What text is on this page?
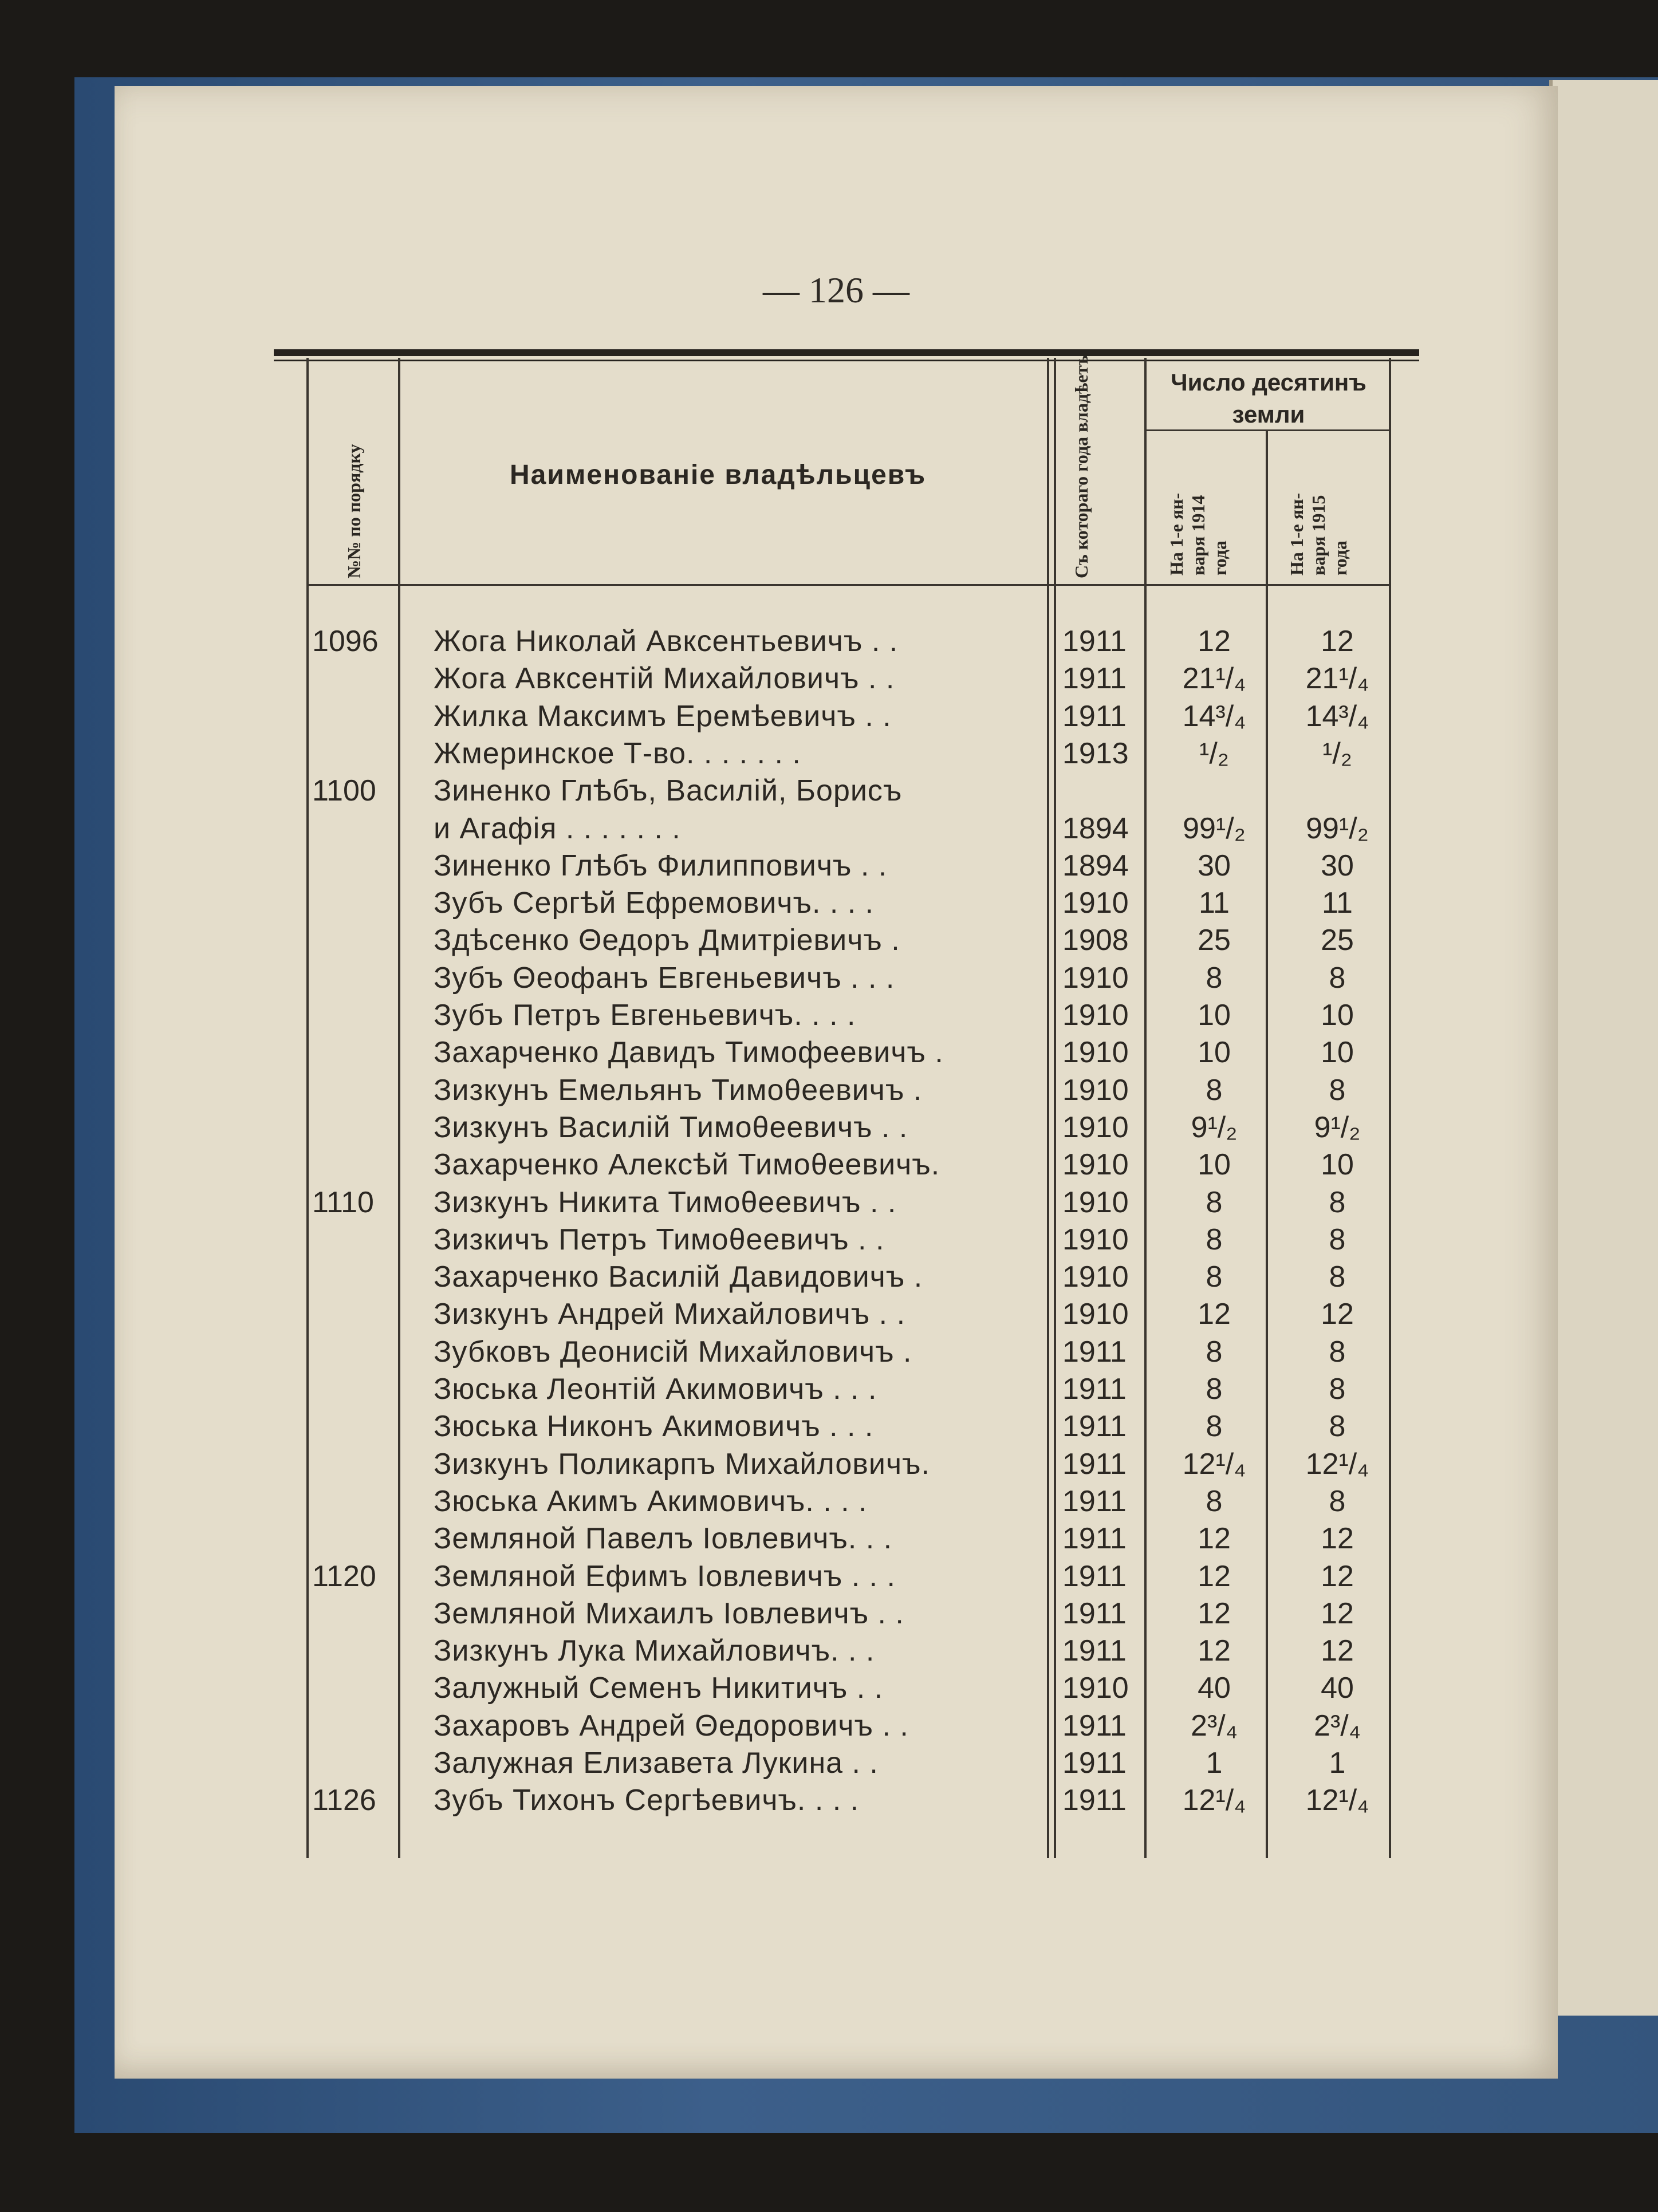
— 126 —
№№ по порядку	Наименованіе владѣльцевъ	Съ котораго года владѣетъ	Число десятинъ
земли
На 1-е ян- варя 1914 года	На 1-е ян- варя 1915 года
1096	Жога Николай Авксентьевичъ . .	1911	12	12
Жога Авксентій Михайловичъ . .	1911	21¹/₄	21¹/₄
Жилка Максимъ Еремѣевичъ . .	1911	14³/₄	14³/₄
Жмеринское Т-во. . . . . . .	1913	¹/₂	¹/₂
1100	Зиненко Глѣбъ, Василій, Борисъ
и Агафія . . . . . . .	1894	99¹/₂	99¹/₂
Зиненко Глѣбъ Филипповичъ . .	1894	30	30
Зубъ Сергѣй Ефремовичъ. . . .	1910	11	11
Здѣсенко Θедоръ Дмитріевичъ .	1908	25	25
Зубъ Θеофанъ Евгеньевичъ . . .	1910	8	8
Зубъ Петръ Евгеньевичъ. . . .	1910	10	10
Захарченко Давидъ Тимофеевичъ .	1910	10	10
Зизкунъ Емельянъ Тимоθеевичъ .	1910	8	8
Зизкунъ Василій Тимоθеевичъ . .	1910	9¹/₂	9¹/₂
Захарченко Алексѣй Тимоθеевичъ.	1910	10	10
1110	Зизкунъ Никита Тимоθеевичъ . .	1910	8	8
Зизкичъ Петръ Тимоθеевичъ . .	1910	8	8
Захарченко Василій Давидовичъ .	1910	8	8
Зизкунъ Андрей Михайловичъ . .	1910	12	12
Зубковъ Деонисій Михайловичъ .	1911	8	8
Зюська Леонтій Акимовичъ . . .	1911	8	8
Зюська Никонъ Акимовичъ . . .	1911	8	8
Зизкунъ Поликарпъ Михайловичъ.	1911	12¹/₄	12¹/₄
Зюська Акимъ Акимовичъ. . . .	1911	8	8
Земляной Павелъ Іовлевичъ. . .	1911	12	12
1120	Земляной Ефимъ Іовлевичъ . . .	1911	12	12
Земляной Михаилъ Іовлевичъ . .	1911	12	12
Зизкунъ Лука Михайловичъ. . .	1911	12	12
Залужный Семенъ Никитичъ . .	1910	40	40
Захаровъ Андрей Θедоровичъ . .	1911	2³/₄	2³/₄
Залужная Елизавета Лукина . .	1911	1	1
1126	Зубъ Тихонъ Сергѣевичъ. . . .	1911	12¹/₄	12¹/₄
